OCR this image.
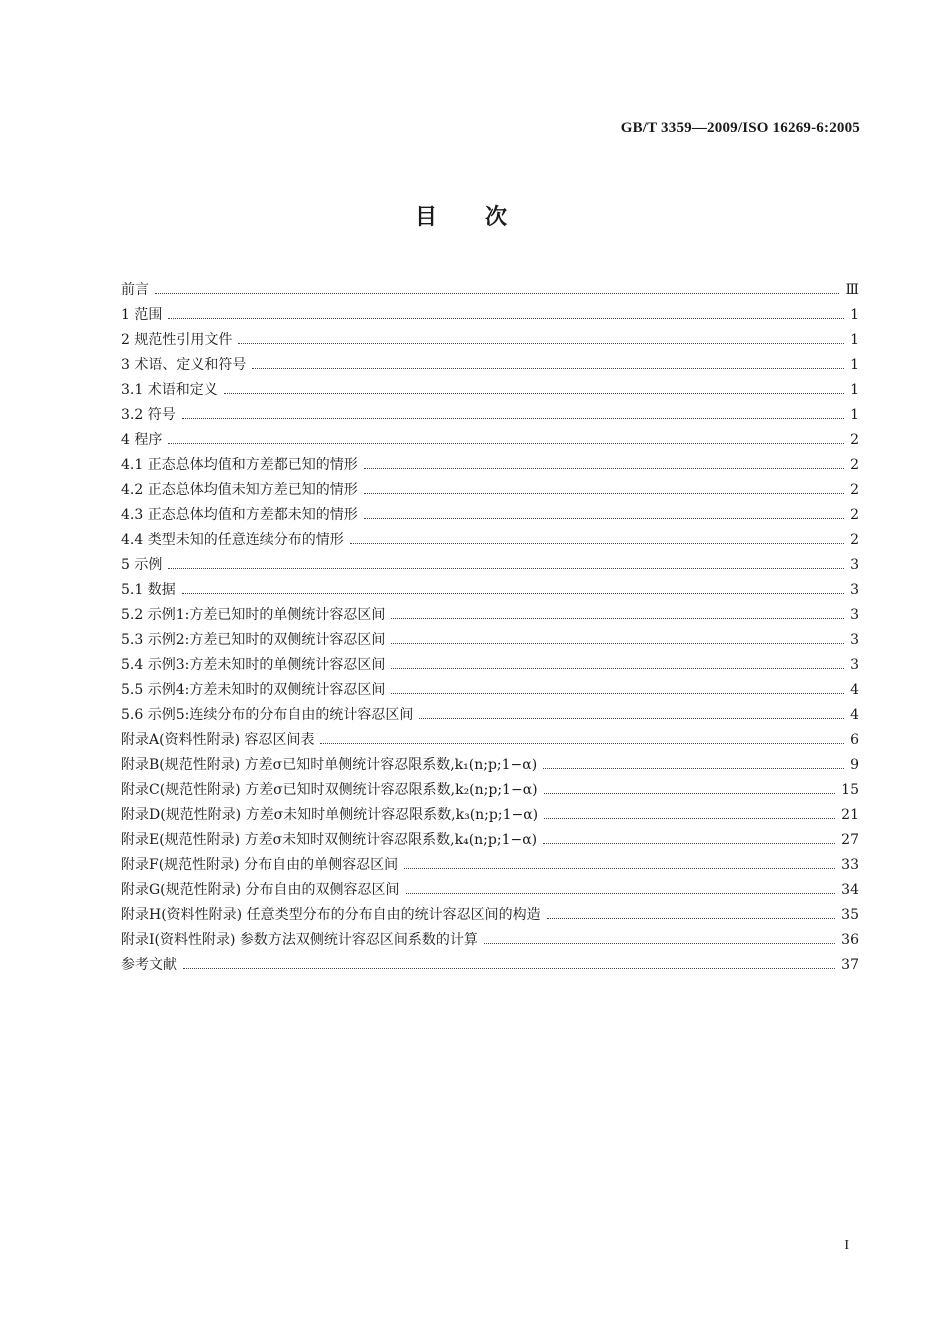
GB/T 3359—2009/ISO 16269-6:2005
目次
前言	Ⅲ
1 范围	1
2 规范性引用文件	1
3 术语、定义和符号	1
3.1 术语和定义	1
3.2 符号	1
4 程序	2
4.1 正态总体均值和方差都已知的情形	2
4.2 正态总体均值未知方差已知的情形	2
4.3 正态总体均值和方差都未知的情形	2
4.4 类型未知的任意连续分布的情形	2
5 示例	3
5.1 数据	3
5.2 示例1:方差已知时的单侧统计容忍区间	3
5.3 示例2:方差已知时的双侧统计容忍区间	3
5.4 示例3:方差未知时的单侧统计容忍区间	3
5.5 示例4:方差未知时的双侧统计容忍区间	4
5.6 示例5:连续分布的分布自由的统计容忍区间	4
附录A(资料性附录) 容忍区间表	6
附录B(规范性附录) 方差σ已知时单侧统计容忍限系数,k₁(n;p;1−α)	9
附录C(规范性附录) 方差σ已知时双侧统计容忍限系数,k₂(n;p;1−α)	15
附录D(规范性附录) 方差σ未知时单侧统计容忍限系数,k₃(n;p;1−α)	21
附录E(规范性附录) 方差σ未知时双侧统计容忍限系数,k₄(n;p;1−α)	27
附录F(规范性附录) 分布自由的单侧容忍区间	33
附录G(规范性附录) 分布自由的双侧容忍区间	34
附录H(资料性附录) 任意类型分布的分布自由的统计容忍区间的构造	35
附录I(资料性附录) 参数方法双侧统计容忍区间系数的计算	36
参考文献	37
I
